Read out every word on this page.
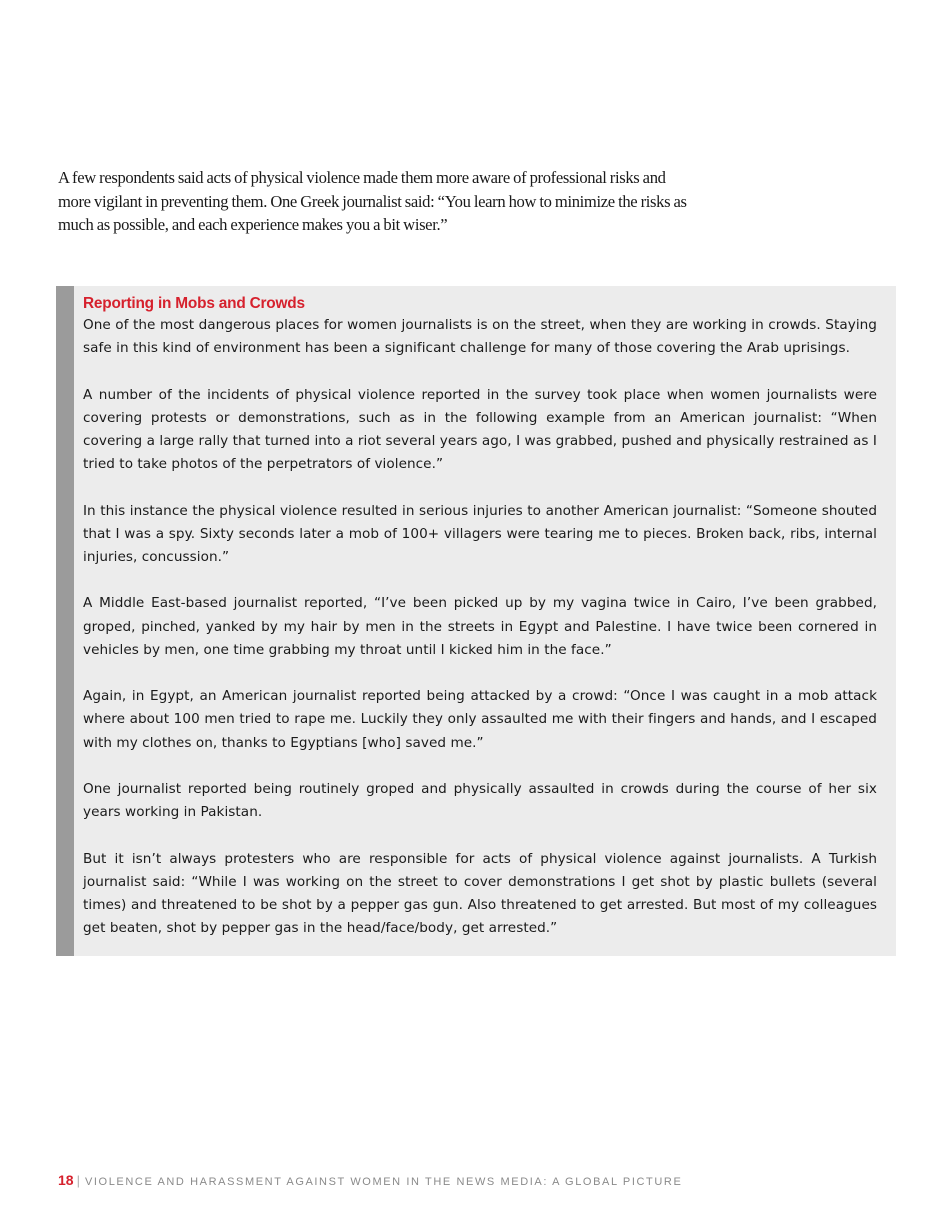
A few respondents said acts of physical violence made them more aware of professional risks and more vigilant in preventing them. One Greek journalist said: “You learn how to minimize the risks as much as possible, and each experience makes you a bit wiser.”

Reporting in Mobs and Crowds

One of the most dangerous places for women journalists is on the street, when they are working in crowds. Staying safe in this kind of environment has been a significant challenge for many of those covering the Arab uprisings.

A number of the incidents of physical violence reported in the survey took place when women journalists were covering protests or demonstrations, such as in the following example from an American journalist: “When covering a large rally that turned into a riot several years ago, I was grabbed, pushed and physically restrained as I tried to take photos of the perpetrators of violence.”

In this instance the physical violence resulted in serious injuries to another American journalist: “Someone shouted that I was a spy. Sixty seconds later a mob of 100+ villagers were tearing me to pieces. Broken back, ribs, internal injuries, concussion.”

A Middle East-based journalist reported, “I’ve been picked up by my vagina twice in Cairo, I’ve been grabbed, groped, pinched, yanked by my hair by men in the streets in Egypt and Palestine. I have twice been cornered in vehicles by men, one time grabbing my throat until I kicked him in the face.”

Again, in Egypt, an American journalist reported being attacked by a crowd: “Once I was caught in a mob attack where about 100 men tried to rape me. Luckily they only assaulted me with their fingers and hands, and I escaped with my clothes on, thanks to Egyptians [who] saved me.”

One journalist reported being routinely groped and physically assaulted in crowds during the course of her six years working in Pakistan.

But it isn’t always protesters who are responsible for acts of physical violence against journalists. A Turkish journalist said: “While I was working on the street to cover demonstrations I get shot by plastic bullets (several times) and threatened to be shot by a pepper gas gun. Also threatened to get arrested. But most of my colleagues get beaten, shot by pepper gas in the head/face/body, get arrested.”

18 | VIOLENCE AND HARASSMENT AGAINST WOMEN IN THE NEWS MEDIA: A GLOBAL PICTURE
